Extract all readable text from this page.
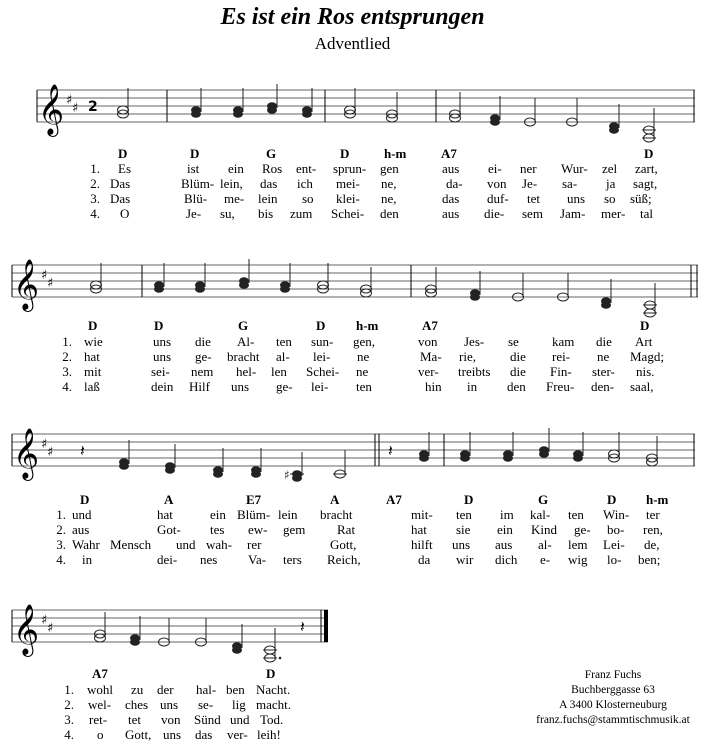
Es ist ein Ros entsprungen
Adventlied
𝄞 ♯
♯ 2
D	D	G	D	h-m	A7	D
1. Es	ist ein Ros ent- sprun- gen	aus ei- ner Wur- zel zart,
2. Das	Blüm- lein, das ich mei- ne,	da- von Je- sa- ja sagt,
3. Das	Blü- me- lein so klei- ne,	das duf- tet uns so süß;
4. O	Je- su, bis zum Schei- den	aus die- sem Jam- mer- tal
𝄞 ♯
♯
D	D	G	D h-m	A7	D
1. wie	uns die Al- ten sun- gen,	von Jes- se	kam die Art
2. hat	uns ge- bracht al- lei- ne	Ma- rie,	die rei- ne Magd;
3. mit	sei- nem hel- len Schei- ne	ver- treibts die Fin- ster- nis.
4. laß	dein Hilf uns ge- lei- ten	hin in den Freu- den- saal,
𝄞 ♯
♯ 𝄽	𝄽
♯
D	A	E7	A	A7	D	G	D h-m
1. und	hat	ein Blüm- lein bracht	mit- ten im kal- ten Win- ter
2. aus	Got- tes ew- gem Rat	hat sie ein Kind ge- bo- ren,
3. Wahr Mensch und wah- rer	Gott,	hilft uns aus al- lem Lei- de,
4. in	dei- nes Va- ters Reich,	da wir dich e- wig lo- ben;
𝄞 ♯
♯	𝄽
A7	D
1. wohl zu der hal- ben Nacht.
2. wel- ches uns se- lig macht.
3. ret- tet von Sünd und Tod.
4. o Gott, uns das ver- leih!
Franz Fuchs
Buchberggasse 63
A 3400 Klosterneuburg
franz.fuchs@stammtischmusik.at
